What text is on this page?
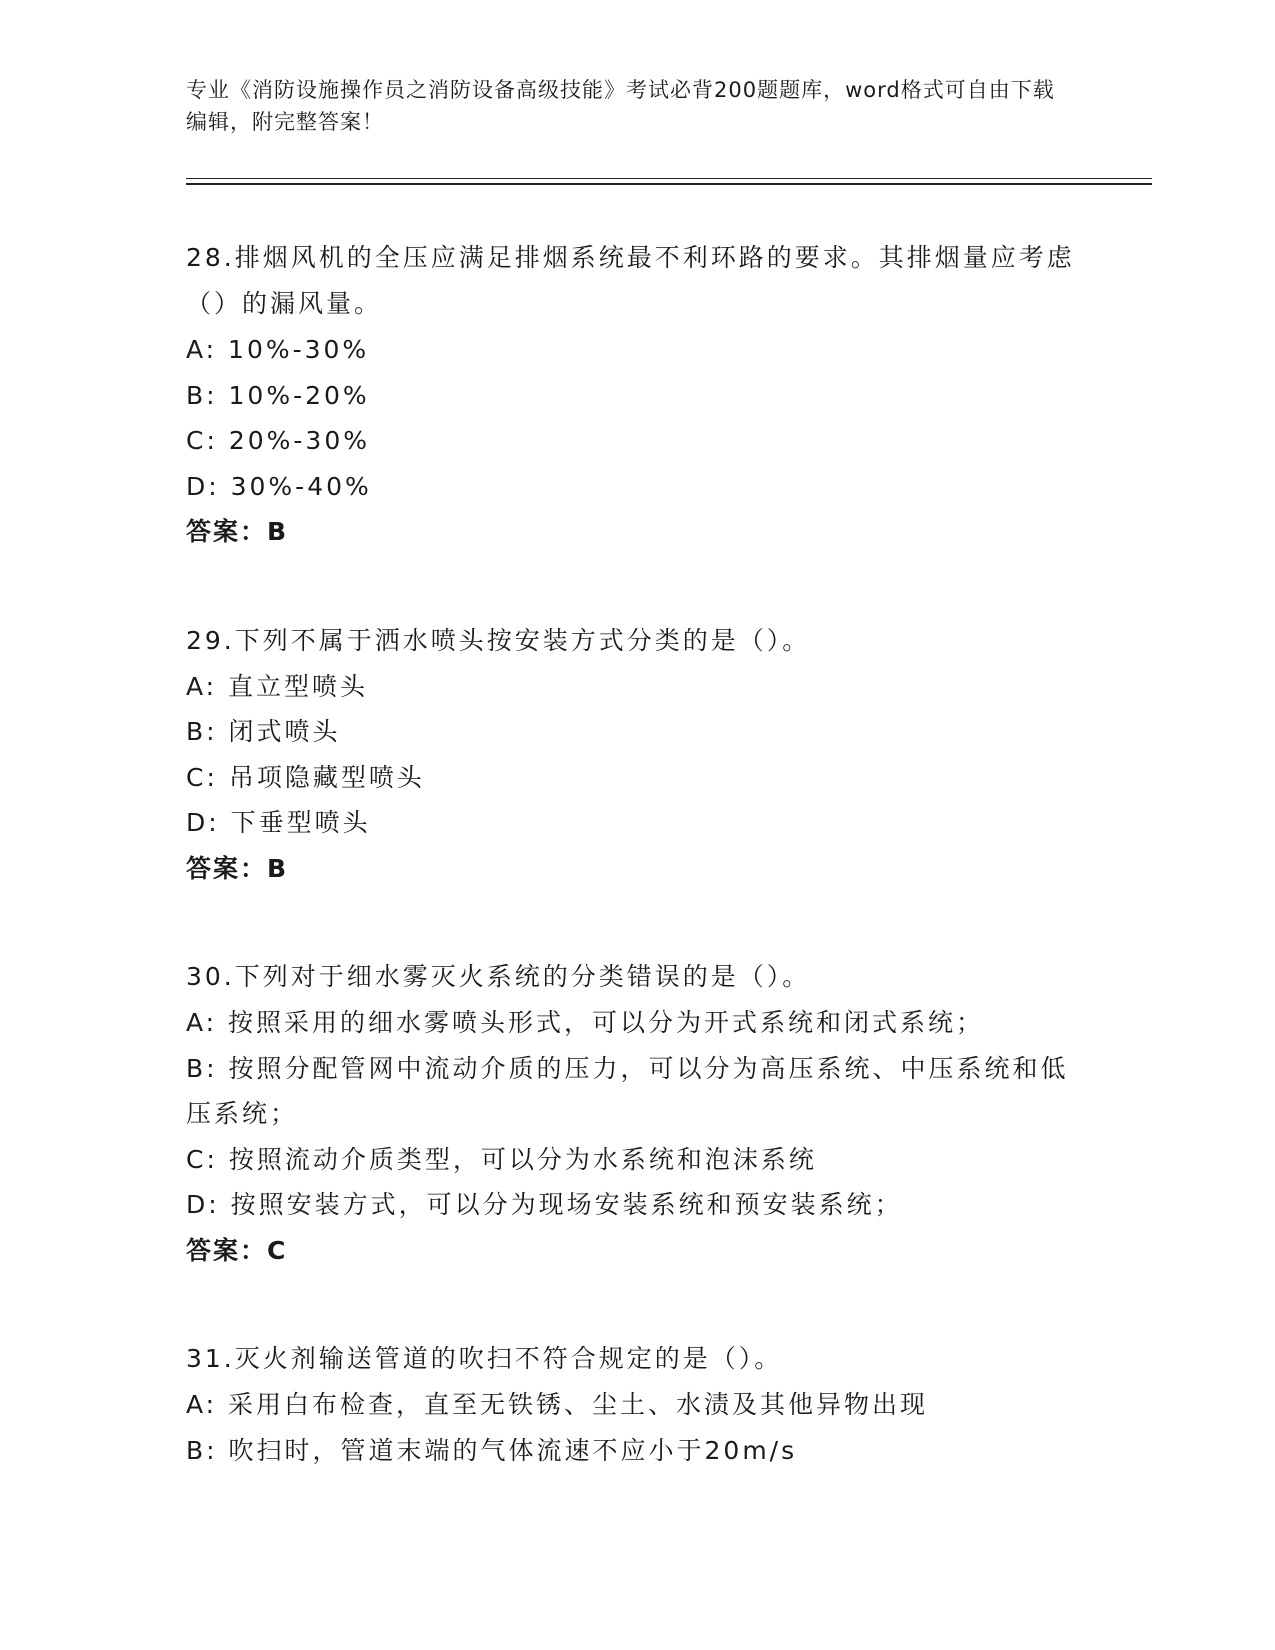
专业《消防设施操作员之消防设备高级技能》考试必背200题题库，word格式可自由下载编辑，附完整答案！

28.排烟风机的全压应满足排烟系统最不利环路的要求。其排烟量应考虑（）的漏风量。

A: 10%-30%

B: 10%-20%

C: 20%-30%

D: 30%-40%

答案：B

29.下列不属于洒水喷头按安装方式分类的是（）。

A: 直立型喷头

B: 闭式喷头

C: 吊项隐藏型喷头

D: 下垂型喷头

答案：B

30.下列对于细水雾灭火系统的分类错误的是（）。

A: 按照采用的细水雾喷头形式，可以分为开式系统和闭式系统；

B: 按照分配管网中流动介质的压力，可以分为高压系统、中压系统和低压系统；

C: 按照流动介质类型，可以分为水系统和泡沫系统

D: 按照安装方式，可以分为现场安装系统和预安装系统；

答案：C

31.灭火剂输送管道的吹扫不符合规定的是（）。

A: 采用白布检查，直至无铁锈、尘土、水渍及其他异物出现

B: 吹扫时，管道末端的气体流速不应小于20m/s
